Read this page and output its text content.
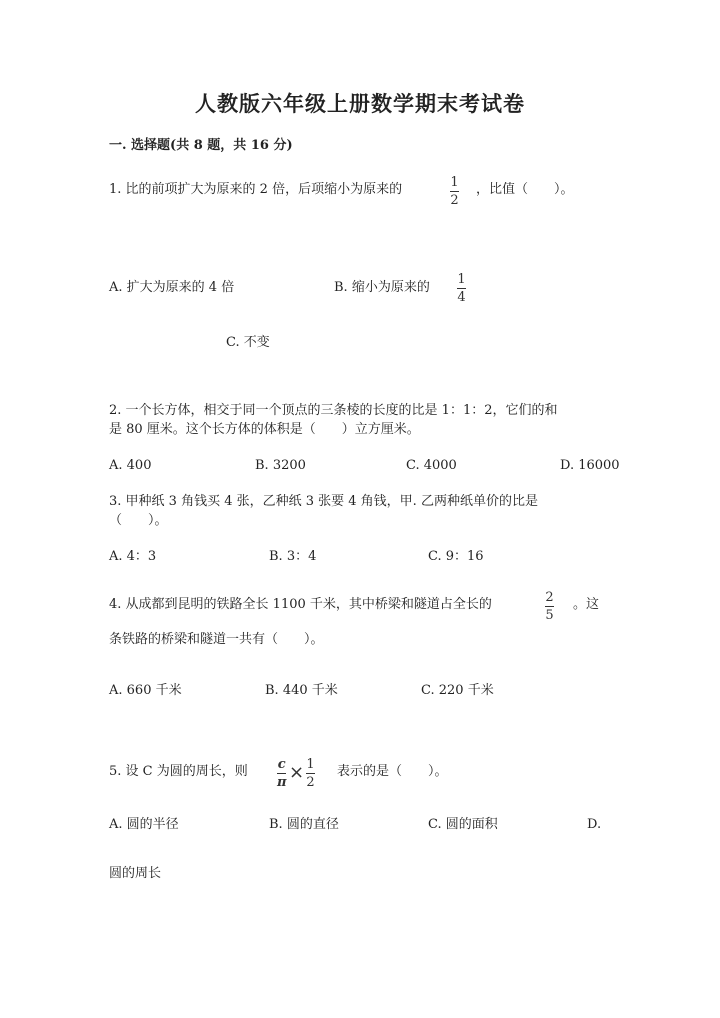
人教版六年级上册数学期末考试卷
一. 选择题(共 8 题，共 16 分)
1. 比的前项扩大为原来的 2 倍，后项缩小为原来的	1
2
，比值（　　）。
A. 扩大为原来的 4 倍	B. 缩小为原来的
1
4
C. 不变
2. 一个长方体，相交于同一个顶点的三条棱的长度的比是 1：1：2，它们的和
是 80 厘米。这个长方体的体积是（　　）立方厘米。
A. 400	B. 3200	C. 4000	D. 16000
3. 甲种纸 3 角钱买 4 张，乙种纸 3 张要 4 角钱，甲. 乙两种纸单价的比是
（　　）。
A. 4：3	B. 3：4	C. 9：16
4. 从成都到昆明的铁路全长 1100 千米，其中桥梁和隧道占全长的	2
5
。这
条铁路的桥梁和隧道一共有（　　）。
A. 660 千米	B. 440 千米	C. 220 千米
5. 设 C 为圆的周长，则 c
π × 1
2
表示的是（　　）。
A. 圆的半径	B. 圆的直径	C. 圆的面积	D.
圆的周长
